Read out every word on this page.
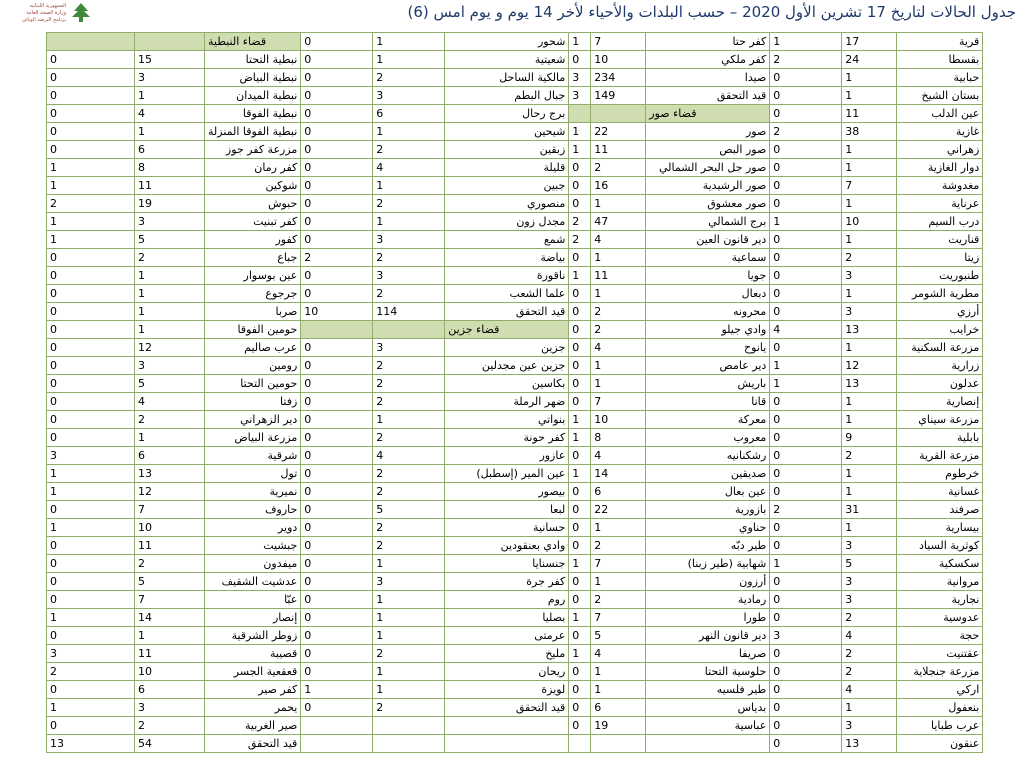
الجمهورية اللبنانية
وزارة الصحة العامة
برنامج الترصد الوبائي	جدول الحالات لتاريخ 17 تشرين الأول 2020 – حسب البلدات والأحياء لأخر 14 يوم و يوم امس (6)
قرية	17	1	كفر حتا	7	1	شحور	1	0	قضاء النبطية		
بقسطا	24	2	كفر ملكي	10	0	شعيتية	1	0	نبطية التحتا	15	0
حبابية	1	0	صيدا	234	3	مالكية الساحل	2	0	نبطية البياض	3	0
بستان الشيخ	1	0	قيد التحقق	149	3	جبال البطم	3	0	نبطية الميدان	1	0
عين الدلب	11	0	قضاء صور			برج رحال	6	0	نبطية الفوقا	4	0
غازية	38	2	صور	22	1	شيحين	1	0	نبطية الفوقا المنزلة	1	0
زهراني	1	0	صور البص	11	1	زبقين	2	0	مزرعة كفر جوز	6	0
دوار الغازية	1	0	صور جل البحر الشمالي	2	0	قليلة	4	0	كفر رمان	8	1
مغدوشة	7	0	صور الرشيدية	16	0	جبين	1	0	شوكين	11	1
عرناية	1	0	صور معشوق	1	0	منصوري	2	0	حبوش	19	2
درب السيم	10	1	برج الشمالي	47	2	مجدل زون	1	0	كفر تبنيت	3	1
قناريت	1	0	دير قانون العين	4	2	شمع	3	0	كفور	5	1
زيتا	2	0	سماعية	1	0	بياضة	2	2	جباع	2	0
طنبوريت	3	0	جويا	11	1	ناقورة	3	0	عين بوسوار	1	0
مطرية الشومر	1	0	دبعال	1	0	علما الشعب	2	0	جرجوع	1	0
أرزي	3	0	محرونه	2	0	قيد التحقق	114	10	صربا	1	0
خرايب	13	4	وادي جيلو	2	0	قضاء جزين			حومين الفوقا	1	0
مزرعة السكنية	1	0	يانوح	4	0	جزين	3	0	عرب صاليم	12	0
زرارية	12	1	دير عامص	1	0	جزين عين مجدلين	2	0	رومين	3	0
عدلون	13	1	باريش	1	0	بكاسين	2	0	حومين التحتا	5	0
إنصارية	1	0	قانا	7	0	ضهر الرملة	2	0	زفتا	4	0
مزرعة سيناي	1	0	معركة	10	1	بنواتي	1	0	دير الزهراني	2	0
بابلية	9	0	معروب	8	1	كفر حونة	2	0	مزرعة البياض	1	0
مزرعة القرية	2	0	رشكنانيه	4	0	عازور	4	0	شرقية	6	3
خرطوم	1	0	صديقين	14	1	عين المير (إسطبل)	2	0	تول	13	1
غسانية	1	0	عين بعال	6	0	بيصور	2	0	نميرية	12	1
صرفند	31	2	بازورية	22	0	لبعا	5	0	حاروف	7	0
بيسارية	1	0	حناوي	1	0	حسانية	2	0	دوير	10	1
كوثرية السياد	3	0	طير دبّه	2	0	وادي بعنقودين	2	0	جبشيت	11	0
سكسكية	5	1	شهابية (طير زبنا)	7	1	جنسنايا	1	0	ميفدون	2	0
مروانية	3	0	أرزون	1	0	كفر جرة	3	0	عدشيت الشقيف	5	0
نجارية	3	0	رمادية	2	0	روم	1	0	عبّا	7	0
عدوسية	2	0	طورا	7	1	بصليا	1	0	إنصار	14	1
حجة	4	3	دير قانون النهر	5	0	عرمتى	1	0	زوطر الشرقية	1	0
عقتنيت	2	0	صريفا	4	1	مليخ	2	0	قصيبة	11	3
مزرعة جنجلاية	2	0	حلوسية التحتا	1	0	ريحان	1	0	قعقعية الجسر	10	2
اركي	4	0	طير فلسيه	1	0	لويزة	1	1	كفر صير	6	0
بنعفول	1	0	بدياس	6	0	قيد التحقق	2	0	يحمر	3	1
عرب طبايا	3	0	عباسية	19	0				صير الغربية	2	0
عنقون	13	0							قيد التحقق	54	13
